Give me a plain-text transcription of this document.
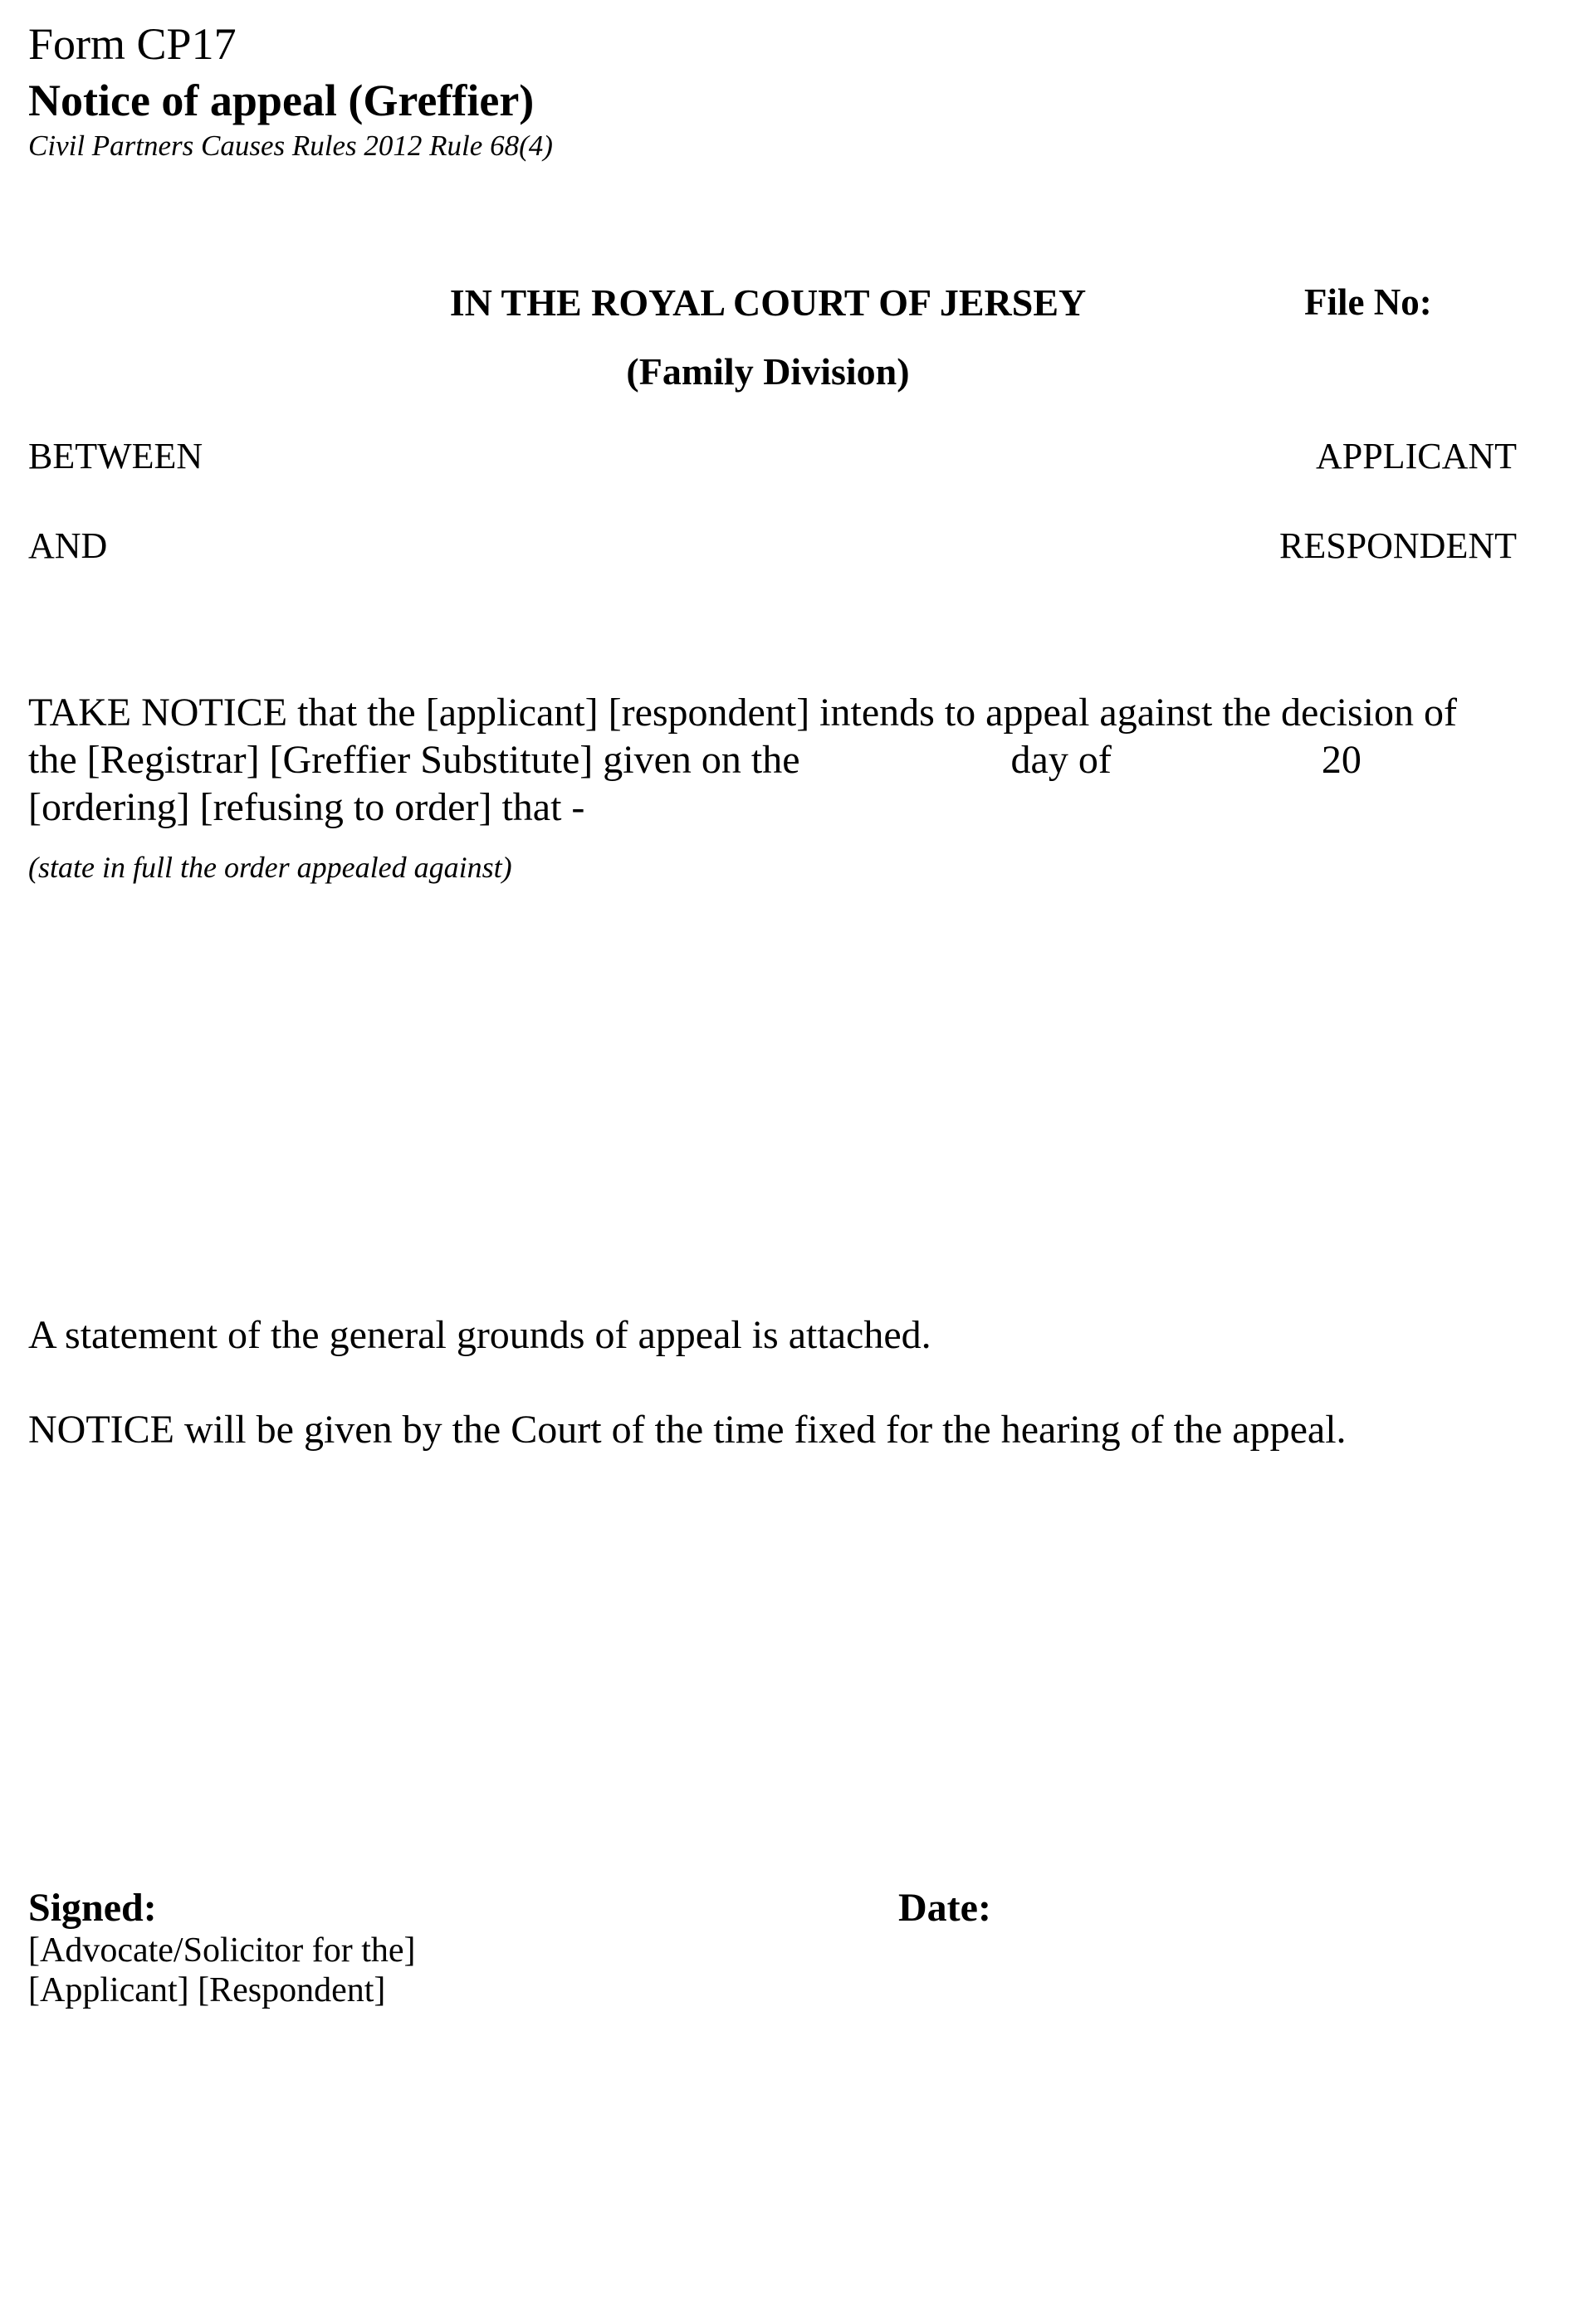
Form CP17
Notice of appeal (Greffier)
Civil Partners Causes Rules 2012 Rule 68(4)
IN THE ROYAL COURT OF JERSEY	File No:
(Family Division)
BETWEEN	APPLICANT
AND	RESPONDENT
TAKE NOTICE that the [applicant] [respondent] intends to appeal against the decision of
the [Registrar] [Greffier Substitute] given on the	day of	20
[ordering] [refusing to order] that -
(state in full the order appealed against)
A statement of the general grounds of appeal is attached.
NOTICE will be given by the Court of the time fixed for the hearing of the appeal.
Signed:	Date:
[Advocate/Solicitor for the]
[Applicant] [Respondent]
